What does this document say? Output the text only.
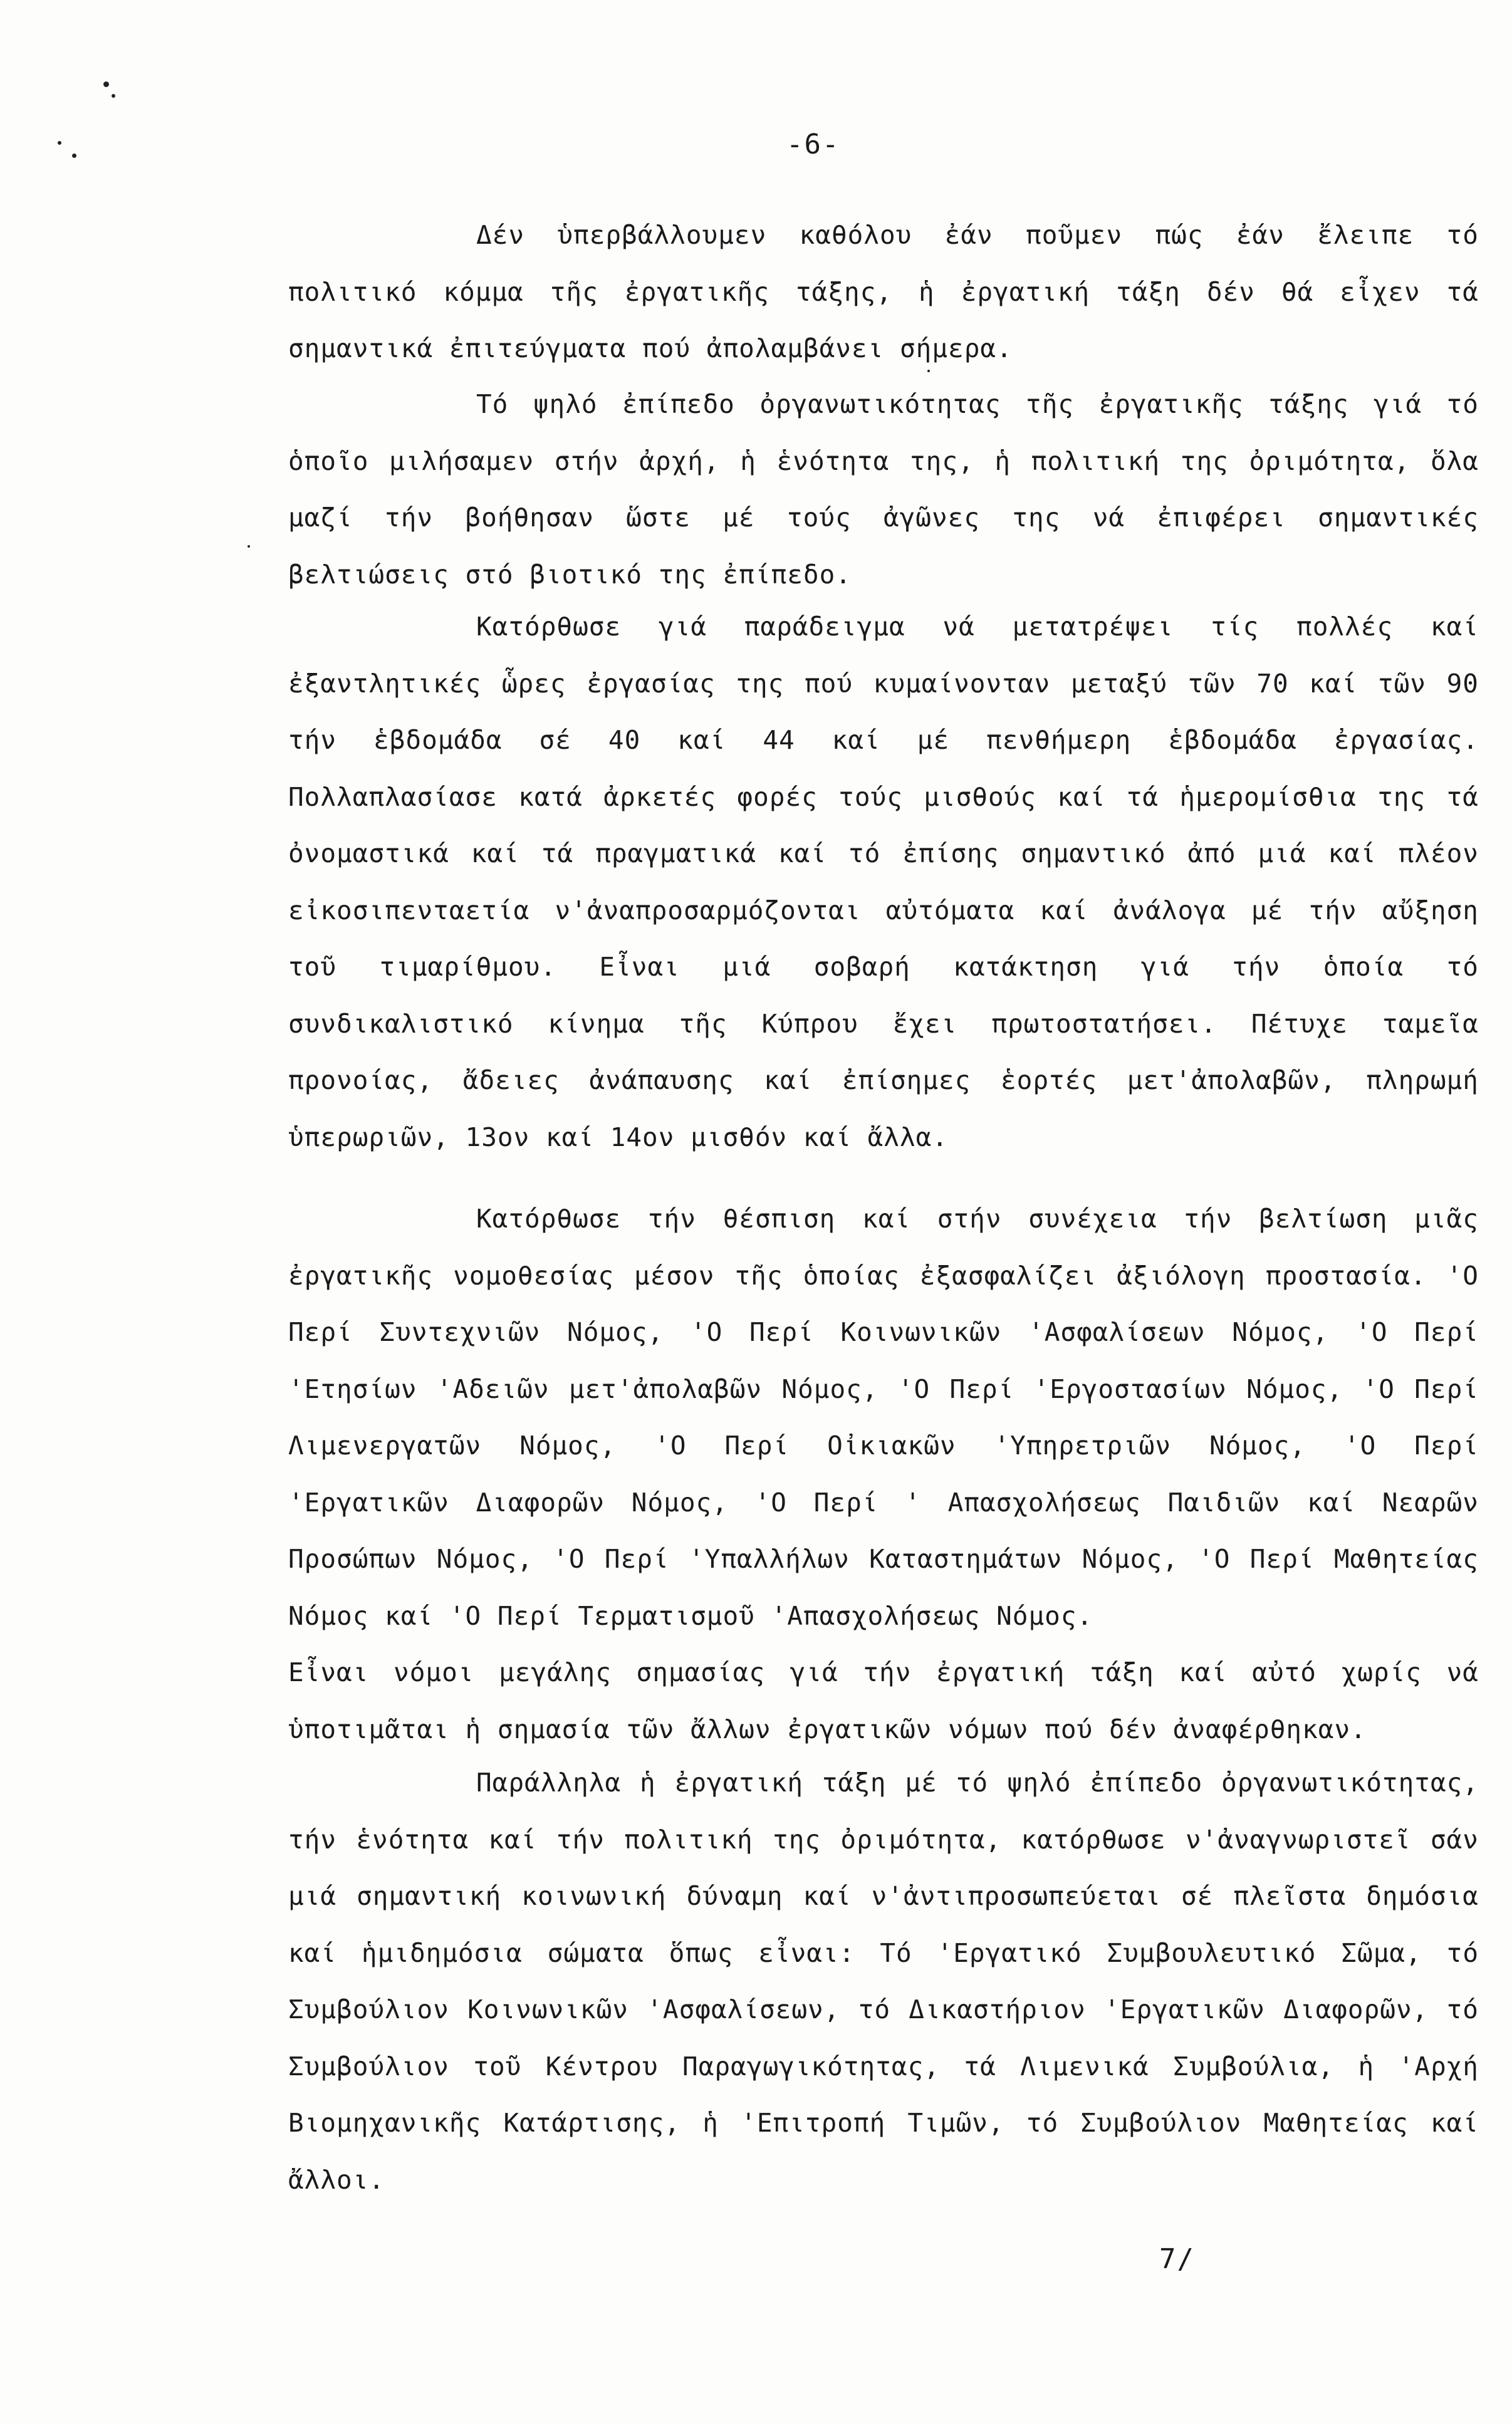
-6-

Δέν ὑπερβάλλουμεν καθόλου ἐάν ποῦμεν πώς ἐάν ἔλειπε τό πολιτικό κόμμα τῆς ἐργατικῆς τάξης, ἡ ἐργατική τάξη δέν θά εἶχεν τά σημαντικά ἐπιτεύγματα πού ἀπολαμβάνει σήμερα.

Τό ψηλό ἐπίπεδο ὀργανωτικότητας τῆς ἐργατικῆς τάξης γιά τό ὁποῖο μιλήσαμεν στήν ἀρχή, ἡ ἑνότητα της, ἡ πολιτική της ὀριμότητα, ὅλα μαζί τήν βοήθησαν ὥστε μέ τούς ἀγῶνες της νά ἐπιφέρει σημαντικές βελτιώσεις στό βιοτικό της ἐπίπεδο.

Κατόρθωσε γιά παράδειγμα νά μετατρέψει τίς πολλές καί ἐξαντλητικές ὧρες ἐργασίας της πού κυμαίνονταν μεταξύ τῶν 70 καί τῶν 90 τήν ἑβδομάδα σέ 40 καί 44 καί μέ πενθήμερη ἑβδομάδα ἐργασίας. Πολλαπλασίασε κατά ἀρκετές φορές τούς μισθούς καί τά ἡμερομίσθια της τά ὀνομαστικά καί τά πραγματικά καί τό ἐπίσης σημαντικό ἀπό μιά καί πλέον εἰκοσιπενταετία ν'ἀναπροσαρμόζονται αὐτόματα καί ἀνάλογα μέ τήν αὔξηση τοῦ τιμαρίθμου. Εἶναι μιά σοβαρή κατάκτηση γιά τήν ὁποία τό συνδικαλιστικό κίνημα τῆς Κύπρου ἔχει πρωτοστατήσει. Πέτυχε ταμεῖα προνοίας, ἄδειες ἀνάπαυσης καί ἐπίσημες ἑορτές μετ'ἀπολαβῶν, πληρωμή ὑπερωριῶν, 13ον καί 14ον μισθόν καί ἄλλα.

Κατόρθωσε τήν θέσπιση καί στήν συνέχεια τήν βελτίωση μιᾶς ἐργατικῆς νομοθεσίας μέσον τῆς ὁποίας ἐξασφαλίζει ἀξιόλογη προστασία. 'Ο Περί Συντεχνιῶν Νόμος, 'Ο Περί Κοινωνικῶν 'Ασφαλίσεων Νόμος, 'Ο Περί 'Ετησίων 'Αδειῶν μετ'ἀπολαβῶν Νόμος, 'Ο Περί 'Εργοστασίων Νόμος, 'Ο Περί Λιμενεργατῶν Νόμος, 'Ο Περί Οἰκιακῶν 'Υπηρετριῶν Νόμος, 'Ο Περί 'Εργατικῶν Διαφορῶν Νόμος, 'Ο Περί ' Απασχολήσεως Παιδιῶν καί Νεαρῶν Προσώπων Νόμος, 'Ο Περί 'Υπαλλήλων Καταστημάτων Νόμος, 'Ο Περί Μαθητείας Νόμος καί 'Ο Περί Τερματισμοῦ 'Απασχολήσεως Νόμος.

Εἶναι νόμοι μεγάλης σημασίας γιά τήν ἐργατική τάξη καί αὐτό χωρίς νά ὑποτιμᾶται ἡ σημασία τῶν ἄλλων ἐργατικῶν νόμων πού δέν ἀναφέρθηκαν.

Παράλληλα ἡ ἐργατική τάξη μέ τό ψηλό ἐπίπεδο ὀργανωτικότητας, τήν ἑνότητα καί τήν πολιτική της ὀριμότητα, κατόρθωσε ν'ἀναγνωριστεῖ σάν μιά σημαντική κοινωνική δύναμη καί ν'ἀντιπροσωπεύεται σέ πλεῖστα δημόσια καί ἡμιδημόσια σώματα ὅπως εἶναι: Τό 'Εργατικό Συμβουλευτικό Σῶμα, τό Συμβούλιον Κοινωνικῶν 'Ασφαλίσεων, τό Δικαστήριον 'Εργατικῶν Διαφορῶν, τό Συμβούλιον τοῦ Κέντρου Παραγωγικότητας, τά Λιμενικά Συμβούλια, ἡ 'Αρχή Βιομηχανικῆς Κατάρτισης, ἡ 'Επιτροπή Τιμῶν, τό Συμβούλιον Μαθητείας καί ἄλλοι.

7/
